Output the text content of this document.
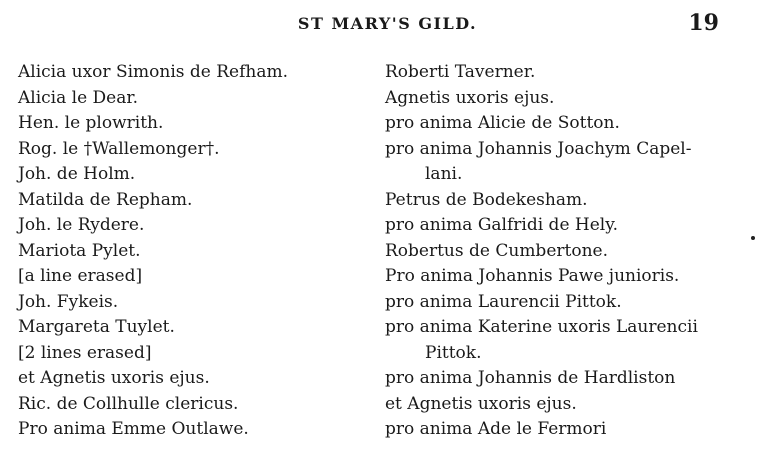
ST MARY'S GILD.	19
Alicia uxor Simonis de Refham.
Alicia le Dear.
Hen. le plowrith.
Rog. le †Wallemonger†.
Joh. de Holm.
Matilda de Repham.
Joh. le Rydere.
Mariota Pylet.
[a line erased]
Joh. Fykeis.
Margareta Tuylet.
[2 lines erased]
et Agnetis uxoris ejus.
Ric. de Collhulle clericus.
Pro anima Emme Outlawe.
Roberti Taverner.
Agnetis uxoris ejus.
pro anima Alicie de Sotton.
pro anima Johannis Joachym Capel-
lani.
Petrus de Bodekesham.
pro anima Galfridi de Hely.
Robertus de Cumbertone.
Pro anima Johannis Pawe junioris.
pro anima Laurencii Pittok.
pro anima Katerine uxoris Laurencii
Pittok.
pro anima Johannis de Hardliston
et Agnetis uxoris ejus.
pro anima Ade le Fermori
